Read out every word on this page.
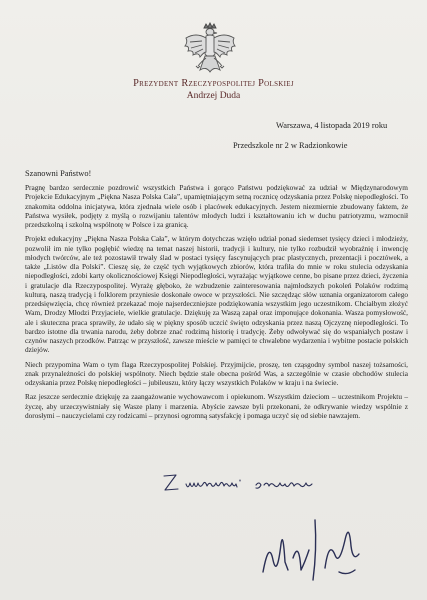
Prezydent Rzeczypospolitej Polskiej
Andrzej Duda
Warszawa, 4 listopada 2019 roku
Przedszkole nr 2 w Radzionkowie
Szanowni Państwo!

Pragnę bardzo serdecznie pozdrowić wszystkich Państwa i gorąco Państwu podziękować za udział w Międzynarodowym Projekcie Edukacyjnym „Piękna Nasza Polska Cała”, upamiętniającym setną rocznicę odzyskania przez Polskę niepodległości. To znakomita oddolna inicjatywa, która zjednała wiele osób i placówek edukacyjnych. Jestem niezmiernie zbudowany faktem, że Państwa wysiłek, podjęty z myślą o rozwijaniu talentów młodych ludzi i kształtowaniu ich w duchu patriotyzmu, wzmocnił przedszkolną i szkolną wspólnotę w Polsce i za granicą.

Projekt edukacyjny „Piękna Nasza Polska Cała”, w którym dotychczas wzięło udział ponad siedemset tysięcy dzieci i młodzieży, pozwolił im nie tylko pogłębić wiedzę na temat naszej historii, tradycji i kultury, nie tylko rozbudził wyobraźnię i inwencję młodych twórców, ale też pozostawił trwały ślad w postaci tysięcy fascynujących prac plastycznych, prezentacji i pocztówek, a także „Listów dla Polski”. Cieszę się, że część tych wyjątkowych zbiorów, która trafiła do mnie w roku stulecia odzyskania niepodległości, zdobi karty okolicznościowej Księgi Niepodległości, wyrażając wyjątkowe cenne, bo pisane przez dzieci, życzenia i gratulacje dla Rzeczypospolitej. Wyrażę głęboko, że wzbudzenie zainteresowania najmłodszych pokoleń Polaków rodzimą kulturą, naszą tradycją i folklorem przyniesie doskonałe owoce w przyszłości. Nie szczędząc słów uznania organizatorom całego przedsięwzięcia, chcę również przekazać moje najserdeczniejsze podziękowania wszystkim jego uczestnikom. Chciałbym złożyć Wam, Drodzy Młodzi Przyjaciele, wielkie gratulacje. Dziękuję za Waszą zapał oraz imponujące dokonania. Wasza pomysłowość, ale i skuteczna praca sprawiły, że udało się w piękny sposób uczcić święto odzyskania przez naszą Ojczyznę niepodległości. To bardzo istotne dla trwania narodu, żeby dobrze znać rodzimą historię i tradycję. Żeby odwoływać się do wspaniałych postaw i czynów naszych przodków. Patrząc w przyszłość, zawsze mieście w pamięci te chwalebne wydarzenia i wybitne postacie polskich dziejów.

Niech przypomina Wam o tym flaga Rzeczypospolitej Polskiej. Przyjmijcie, proszę, ten cząsgodny symbol naszej tożsamości, znak przynależności do polskiej wspólnoty. Niech będzie stale obecna pośród Was, a szczególnie w czasie obchodów stulecia odzyskania przez Polskę niepodległości – jubileuszu, który łączy wszystkich Polaków w kraju i na świecie.

Raz jeszcze serdecznie dziękuję za zaangażowanie wychowawcom i opiekunom. Wszystkim dzieciom – uczestnikom Projektu – życzę, aby urzeczywistniały się Wasze plany i marzenia. Abyście zawsze byli przekonani, że odkrywanie wiedzy wspólnie z dorosłymi – nauczycielami czy rodzicami – przynosi ogromną satysfakcję i pomaga uczyć się od siebie nawzajem.
